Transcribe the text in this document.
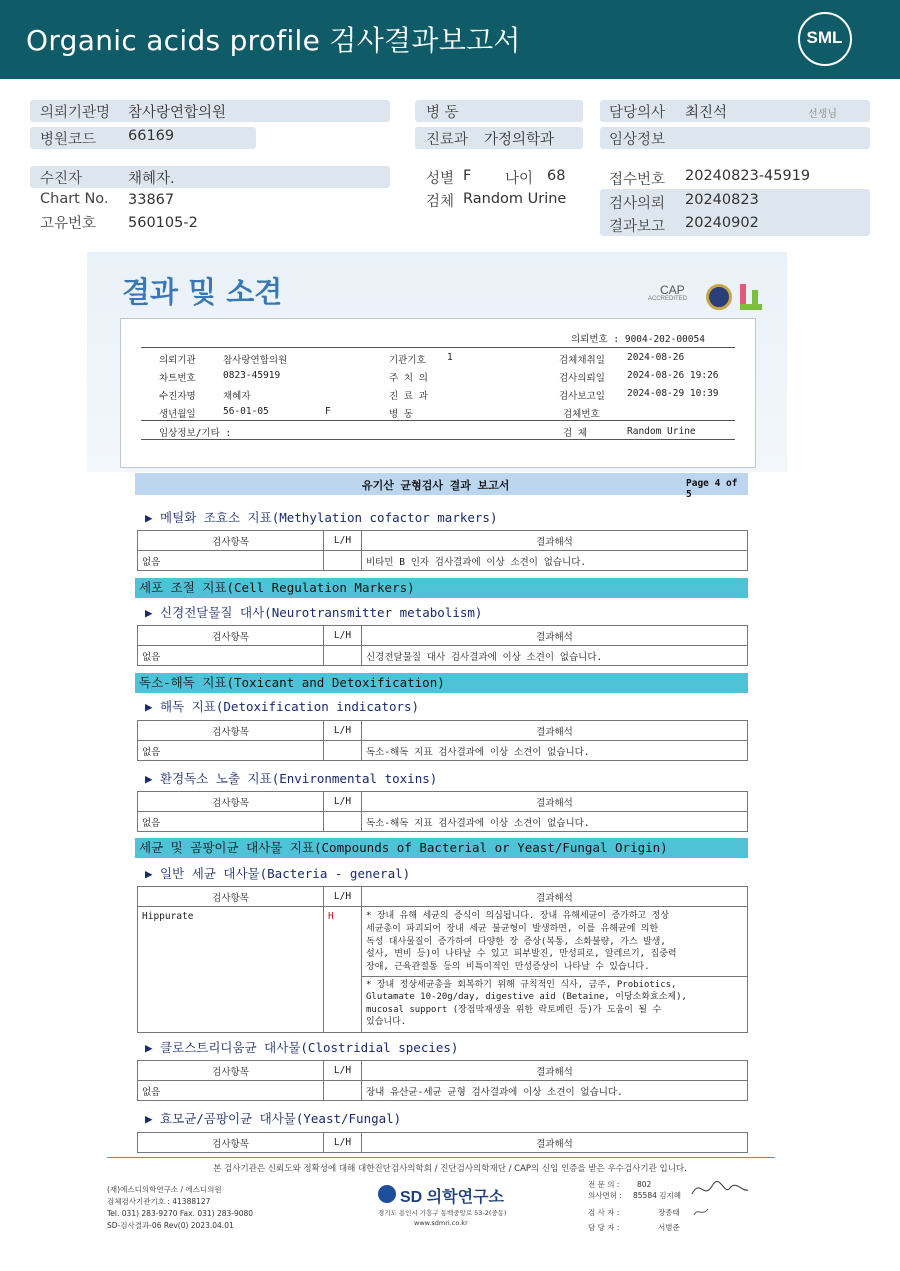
Organic acids profile 검사결과보고서	SML
의뢰기관명 참사랑연합의원
병원코드 66169
수진자	채혜자.
Chart No. 33867
고유번호 560105-2
병 동
진료과 가정의학과
성별 F 나이 68
검체 Random Urine
담당의사 최진석	선생님
임상정보
접수번호 20240823-45919
검사의뢰 20240823
결과보고 20240902
결과 및 소견	CAP
ACCREDITED
의뢰번호 : 9004-202-00054
의뢰기관	참사랑연합의원	기관기호 1	검체채취일 2024-08-26
차트번호	0823-45919	주 치 의	검사의뢰일 2024-08-26 19:26
수진자명	채혜자	진 료 과	검사보고일 2024-08-29 10:39
생년월일	56-01-05	F	병 동	검체번호
임상정보/기타 :	검 체	Random Urine
유기산 균형검사 결과 보고서	Page 4 of 5
▶ 메틸화 조효소 지표(Methylation cofactor markers)
검사항목	L/H	결과해석
없음		비타민 B 인자 검사결과에 이상 소견이 없습니다.
세포 조절 지표(Cell Regulation Markers)
▶ 신경전달물질 대사(Neurotransmitter metabolism)
검사항목	L/H	결과해석
없음		신경전달물질 대사 검사결과에 이상 소견이 없습니다.
독소-해독 지표(Toxicant and Detoxification)
▶ 해독 지표(Detoxification indicators)
검사항목	L/H	결과해석
없음		독소-해독 지표 검사결과에 이상 소견이 없습니다.
▶ 환경독소 노출 지표(Environmental toxins)
검사항목	L/H	결과해석
없음		독소-해독 지표 검사결과에 이상 소견이 없습니다.
세균 및 곰팡이균 대사물 지표(Compounds of Bacterial or Yeast/Fungal Origin)
▶ 일반 세균 대사물(Bacteria - general)
검사항목	L/H	결과해석
Hippurate	H	* 장내 유해 세균의 증식이 의심됩니다. 장내 유해세균이 증가하고 정상
세균총이 파괴되어 장내 세균 불균형이 발생하면, 이를 유해균에 의한
독성 대사물질이 증가하여 다양한 장 증상(복통, 소화불량, 가스 발생,
설사, 변비 등)이 나타날 수 있고 피부발진, 만성피로, 알레르기, 집중력
장애, 근육관절통 등의 비특이적인 만성증상이 나타날 수 있습니다.

		* 장내 정상세균총을 회복하기 위해 규칙적인 식사, 금주, Probiotics,
Glutamate 10-20g/day, digestive aid (Betaine, 이당소화효소제),
mucosal support (장점막재생을 위한 락토페린 등)가 도움이 될 수
있습니다.
▶ 클로스트리디움균 대사물(Clostridial species)
검사항목	L/H	결과해석
없음		장내 유산균-세균 균형 검사결과에 이상 소견이 없습니다.
▶ 효모균/곰팡이균 대사물(Yeast/Fungal)
검사항목	L/H	결과해석
본 검사기관은 신뢰도와 정확성에 대해 대한진단검사의학회 / 진단검사의학재단 / CAP의 신임 인증을 받은 우수검사기관 입니다.
(재)에스디의학연구소 / 에스디의원
검체검사기관기호 : 41388127
Tel. 031) 283-9270 Fax. 031) 283-9080
SD-검사결과-06 Rev(0) 2023.04.01
SD 의학연구소
경기도 용인시 기흥구 동백중앙로 53-2(중동)
www.sdmri.co.kr
전 문 의 : 802
의사면허 : 85584 김지혜
검 사 자 :	장종태
담 당 자 :	서범준
